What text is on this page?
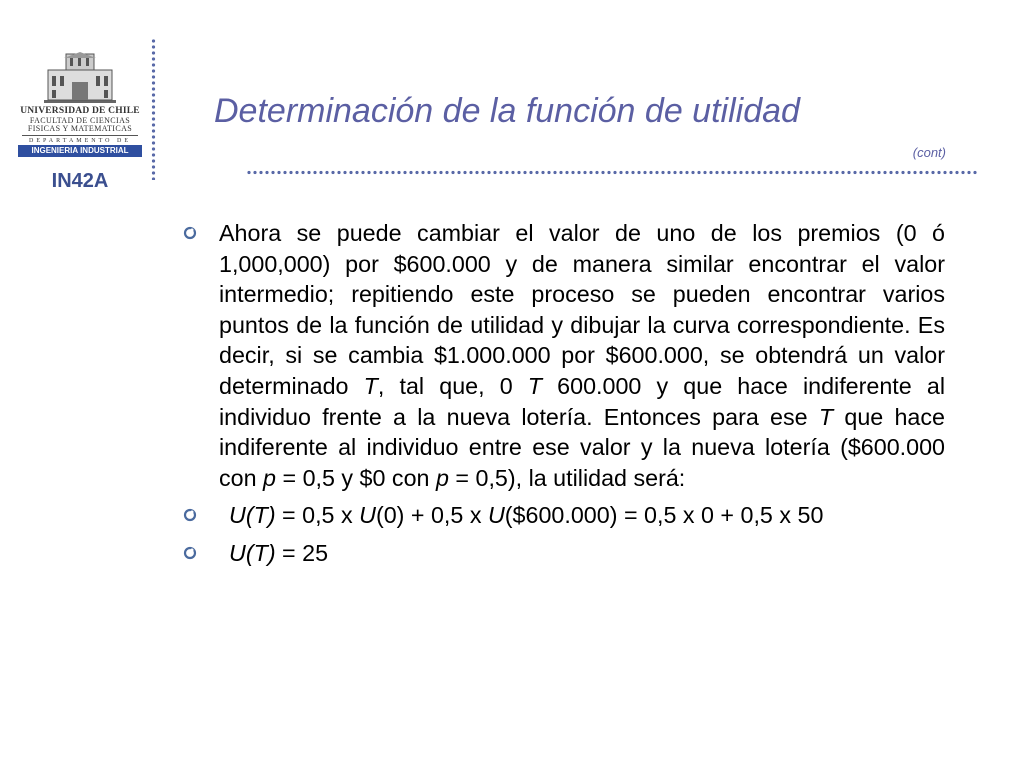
UNIVERSIDAD DE CHILE
FACULTAD DE CIENCIAS
FISICAS Y MATEMATICAS
DEPARTAMENTO DE
INGENIERIA INDUSTRIAL
IN42A
Determinación de la función de utilidad
(cont)
Ahora se puede cambiar el valor de uno de los premios (0 ó 1,000,000) por $600.000 y de manera similar encontrar el valor intermedio; repitiendo este proceso se pueden encontrar varios puntos de la función de utilidad y dibujar la curva correspondiente. Es decir, si se cambia $1.000.000 por $600.000, se obtendrá un valor determinado T, tal que, 0 T 600.000 y que hace indiferente al individuo frente a la nueva lotería. Entonces para ese T que hace indiferente al individuo entre ese valor y la nueva lotería ($600.000 con p = 0,5 y $0 con p = 0,5), la utilidad será:
U(T) = 0,5 x U(0) + 0,5 x U($600.000) = 0,5 x 0 + 0,5 x 50
U(T) = 25
